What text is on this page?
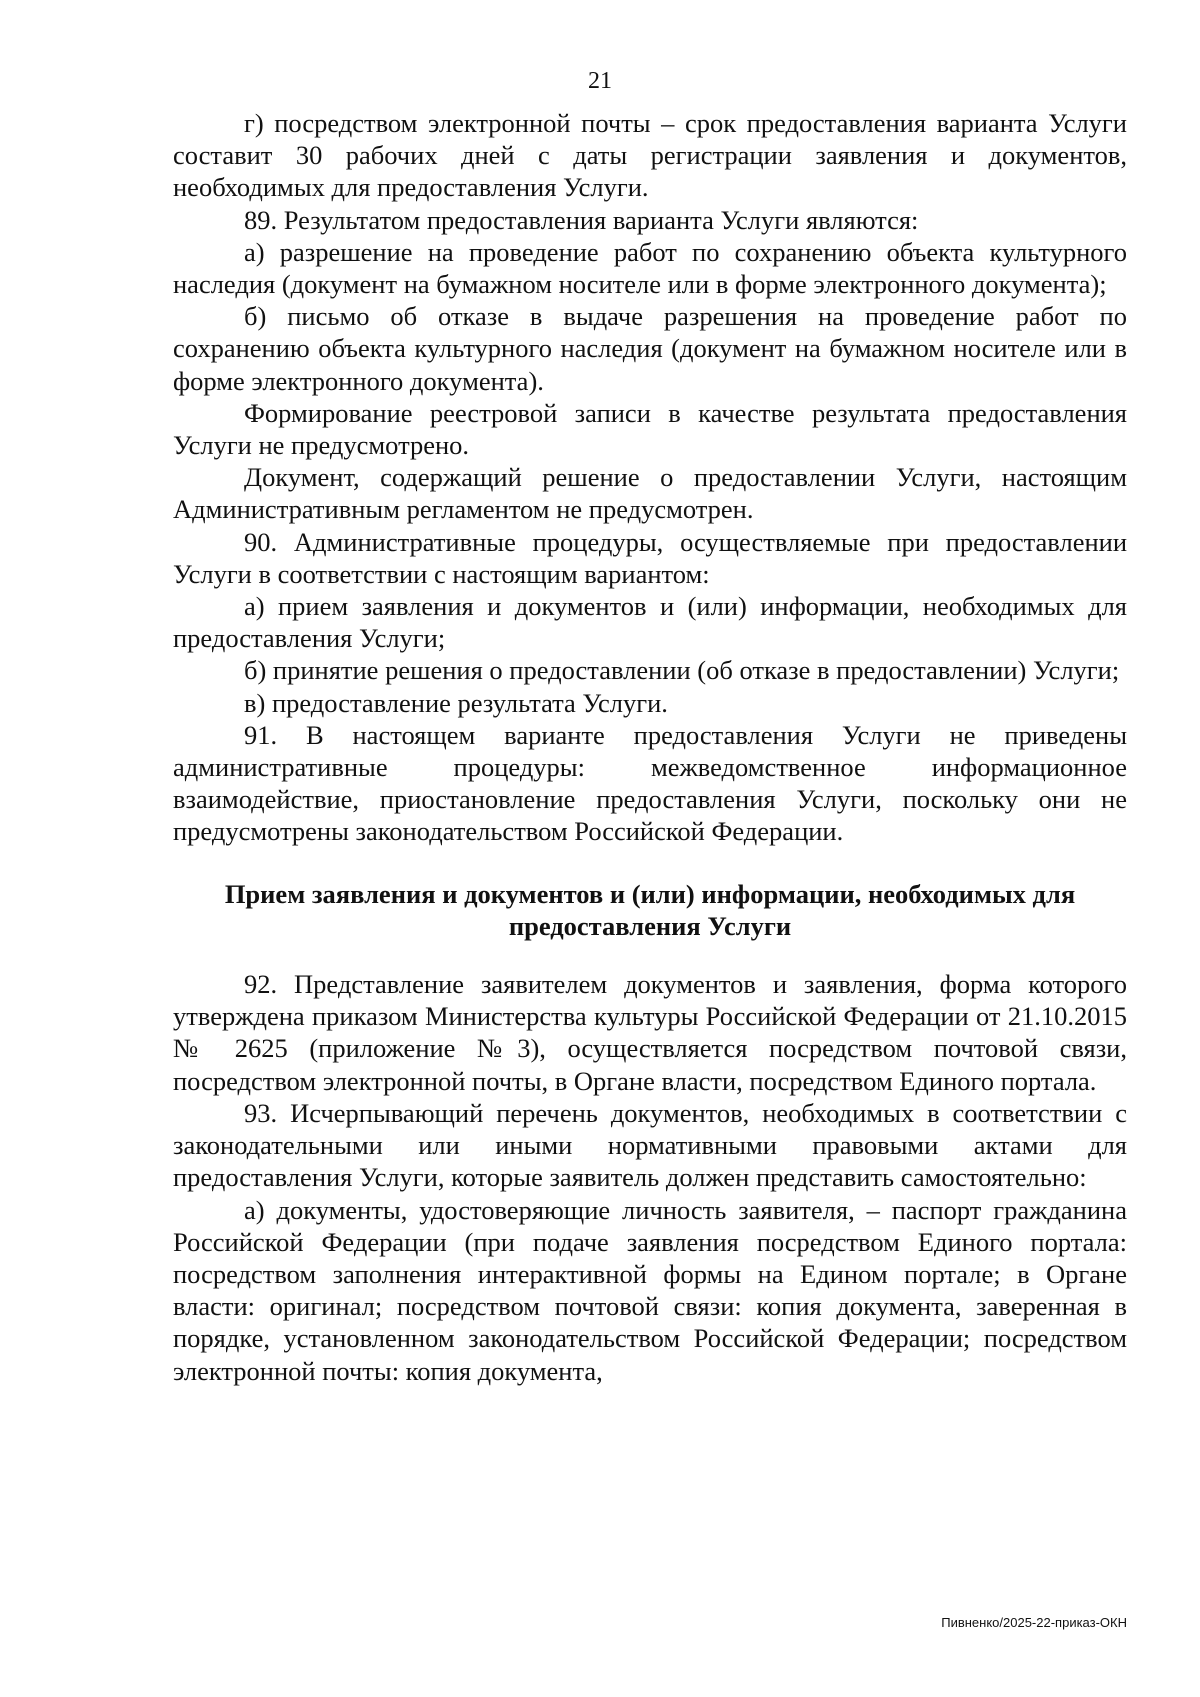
21

г) посредством электронной почты – срок предоставления варианта Услуги составит 30 рабочих дней с даты регистрации заявления и документов, необходимых для предоставления Услуги.

89. Результатом предоставления варианта Услуги являются:

а) разрешение на проведение работ по сохранению объекта культурного наследия (документ на бумажном носителе или в форме электронного документа);

б) письмо об отказе в выдаче разрешения на проведение работ по сохранению объекта культурного наследия (документ на бумажном носителе или в форме электронного документа).

Формирование реестровой записи в качестве результата предоставления Услуги не предусмотрено.

Документ, содержащий решение о предоставлении Услуги, настоящим Административным регламентом не предусмотрен.

90. Административные процедуры, осуществляемые при предоставлении Услуги в соответствии с настоящим вариантом:

а) прием заявления и документов и (или) информации, необходимых для предоставления Услуги;

б) принятие решения о предоставлении (об отказе в предоставлении) Услуги;

в) предоставление результата Услуги.

91. В настоящем варианте предоставления Услуги не приведены административные процедуры: межведомственное информационное взаимодействие, приостановление предоставления Услуги, поскольку они не предусмотрены законодательством Российской Федерации.

Прием заявления и документов и (или) информации, необходимых для предоставления Услуги

92. Представление заявителем документов и заявления, форма которого утверждена приказом Министерства культуры Российской Федерации от 21.10.2015 № 2625 (приложение №3), осуществляется посредством почтовой связи, посредством электронной почты, в Органе власти, посредством Единого портала.

93. Исчерпывающий перечень документов, необходимых в соответствии с законодательными или иными нормативными правовыми актами для предоставления Услуги, которые заявитель должен представить самостоятельно:

а) документы, удостоверяющие личность заявителя, – паспорт гражданина Российской Федерации (при подаче заявления посредством Единого портала: посредством заполнения интерактивной формы на Едином портале; в Органе власти: оригинал; посредством почтовой связи: копия документа, заверенная в порядке, установленном законодательством Российской Федерации; посредством электронной почты: копия документа,

Пивненко/2025-22-приказ-ОКН
